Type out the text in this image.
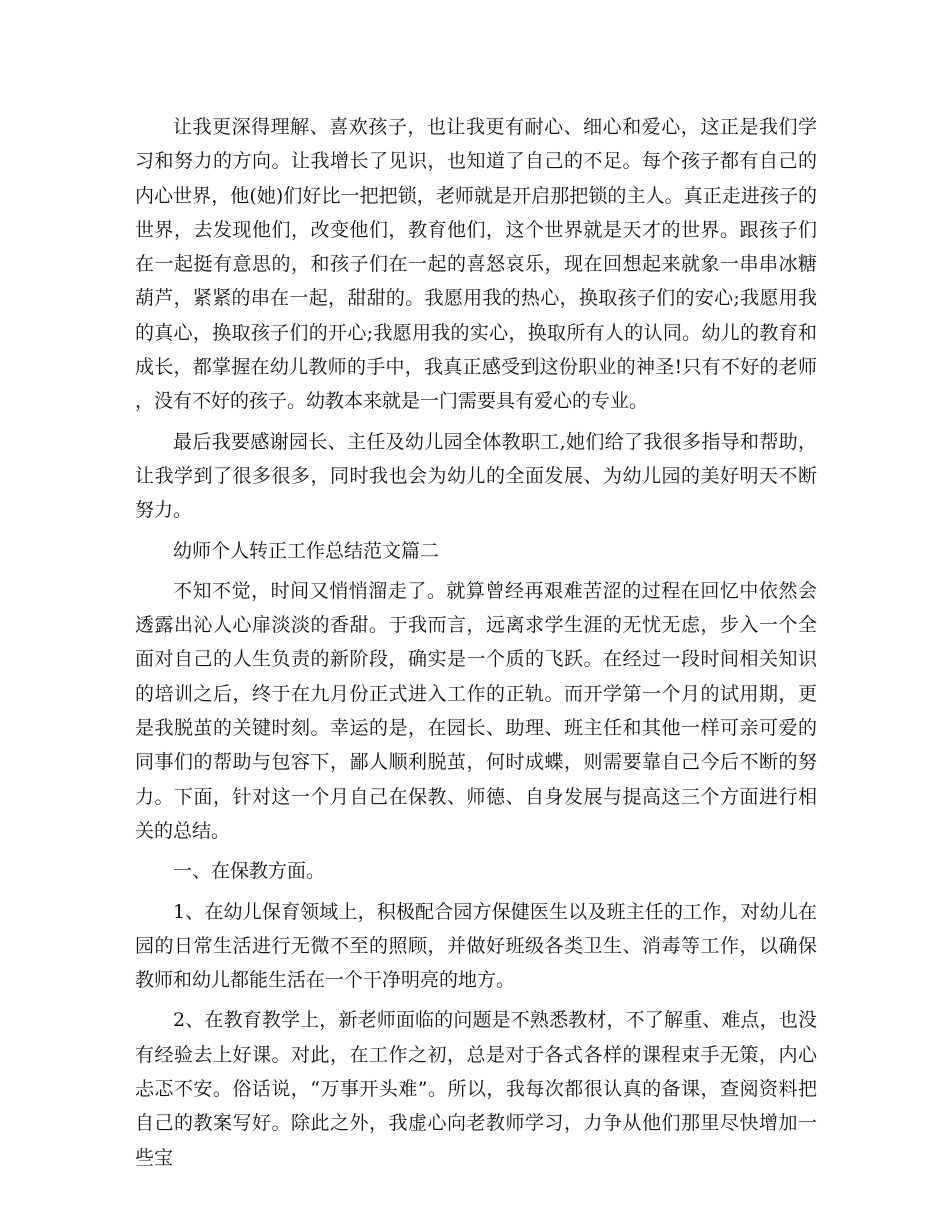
让我更深得理解、喜欢孩子，也让我更有耐心、细心和爱心，这正是我们学习和努力的方向。让我增长了见识，也知道了自己的不足。每个孩子都有自己的内心世界，他(她)们好比一把把锁，老师就是开启那把锁的主人。真正走进孩子的世界，去发现他们，改变他们，教育他们，这个世界就是天才的世界。跟孩子们在一起挺有意思的，和孩子们在一起的喜怒哀乐，现在回想起来就象一串串冰糖葫芦，紧紧的串在一起，甜甜的。我愿用我的热心，换取孩子们的安心;我愿用我的真心，换取孩子们的开心;我愿用我的实心，换取所有人的认同。幼儿的教育和成长，都掌握在幼儿教师的手中，我真正感受到这份职业的神圣!只有不好的老师，没有不好的孩子。幼教本来就是一门需要具有爱心的专业。

最后我要感谢园长、主任及幼儿园全体教职工,她们给了我很多指导和帮助，让我学到了很多很多，同时我也会为幼儿的全面发展、为幼儿园的美好明天不断努力。

幼师个人转正工作总结范文篇二

不知不觉，时间又悄悄溜走了。就算曾经再艰难苦涩的过程在回忆中依然会透露出沁人心扉淡淡的香甜。于我而言，远离求学生涯的无忧无虑，步入一个全面对自己的人生负责的新阶段，确实是一个质的飞跃。在经过一段时间相关知识的培训之后，终于在九月份正式进入工作的正轨。而开学第一个月的试用期，更是我脱茧的关键时刻。幸运的是，在园长、助理、班主任和其他一样可亲可爱的同事们的帮助与包容下，鄙人顺利脱茧，何时成蝶，则需要靠自己今后不断的努力。下面，针对这一个月自己在保教、师德、自身发展与提高这三个方面进行相关的总结。

一、在保教方面。

1、在幼儿保育领域上，积极配合园方保健医生以及班主任的工作，对幼儿在园的日常生活进行无微不至的照顾，并做好班级各类卫生、消毒等工作，以确保教师和幼儿都能生活在一个干净明亮的地方。

2、在教育教学上，新老师面临的问题是不熟悉教材，不了解重、难点，也没有经验去上好课。对此，在工作之初，总是对于各式各样的课程束手无策，内心忐忑不安。俗话说，“万事开头难”。所以，我每次都很认真的备课，查阅资料把自己的教案写好。除此之外，我虚心向老教师学习，力争从他们那里尽快增加一些宝
